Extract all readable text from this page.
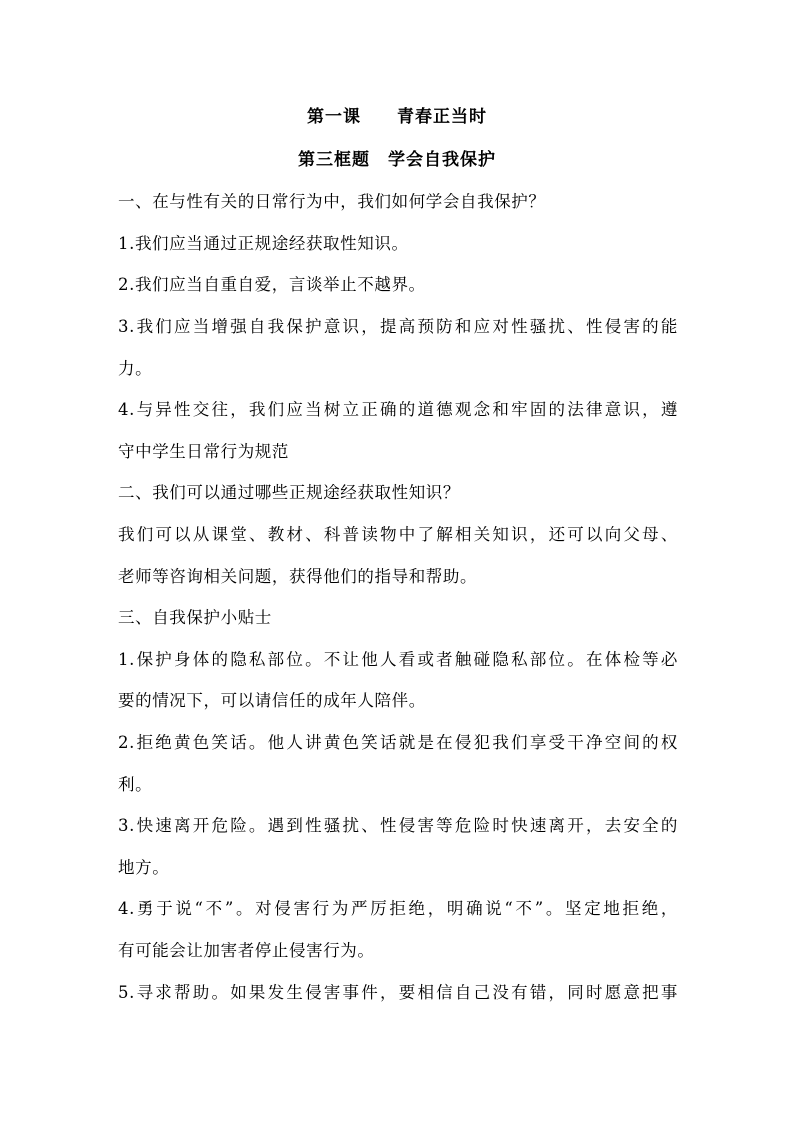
第一课　　青春正当时
第三框题　学会自我保护
一、在与性有关的日常行为中，我们如何学会自我保护？
1.我们应当通过正规途经获取性知识。
2.我们应当自重自爱，言谈举止不越界。
3.我们应当增强自我保护意识，提高预防和应对性骚扰、性侵害的能
力。
4.与异性交往，我们应当树立正确的道德观念和牢固的法律意识，遵
守中学生日常行为规范
二、我们可以通过哪些正规途经获取性知识？
我们可以从课堂、教材、科普读物中了解相关知识，还可以向父母、
老师等咨询相关问题，获得他们的指导和帮助。
三、自我保护小贴士
1.保护身体的隐私部位。不让他人看或者触碰隐私部位。在体检等必
要的情况下，可以请信任的成年人陪伴。
2.拒绝黄色笑话。他人讲黄色笑话就是在侵犯我们享受干净空间的权
利。
3.快速离开危险。遇到性骚扰、性侵害等危险时快速离开，去安全的
地方。
4.勇于说“不”。对侵害行为严厉拒绝，明确说“不”。坚定地拒绝，
有可能会让加害者停止侵害行为。
5.寻求帮助。如果发生侵害事件，要相信自己没有错，同时愿意把事
